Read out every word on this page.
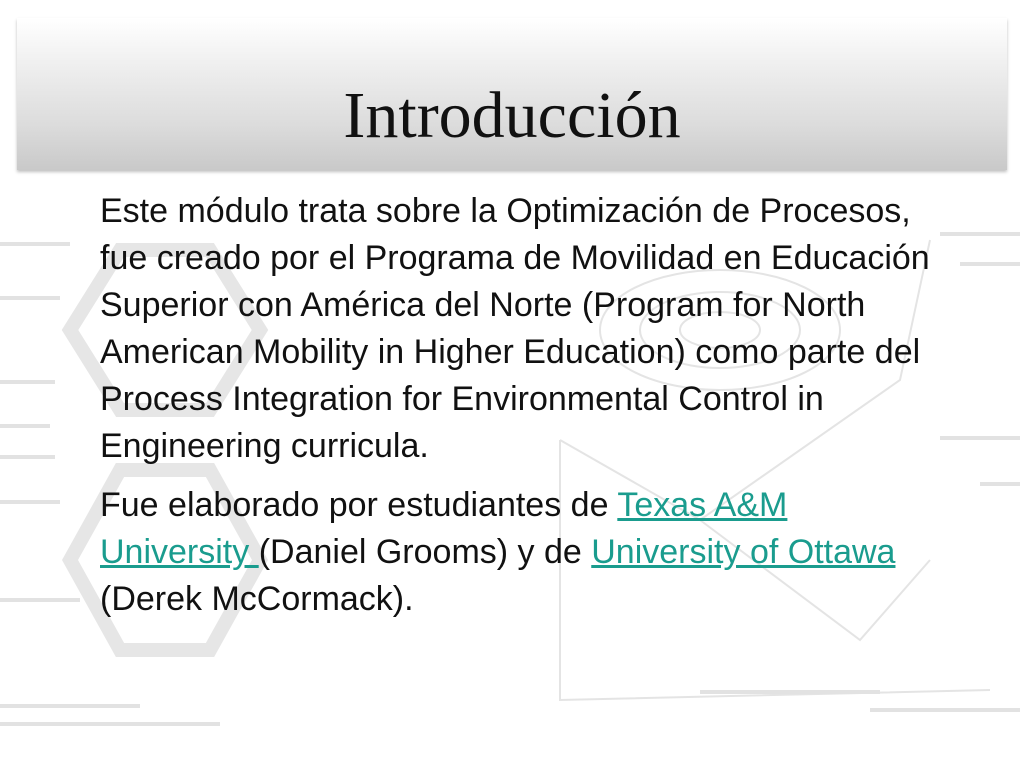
Introducción

Este módulo trata sobre la Optimización de Procesos, fue creado por el Programa de Movilidad en Educación Superior con América del Norte (Program for North American Mobility in Higher Education) como parte del Process Integration for Environmental Control in Engineering curricula.

Fue elaborado por estudiantes de Texas A&M University (Daniel Grooms) y de University of Ottawa (Derek McCormack).
